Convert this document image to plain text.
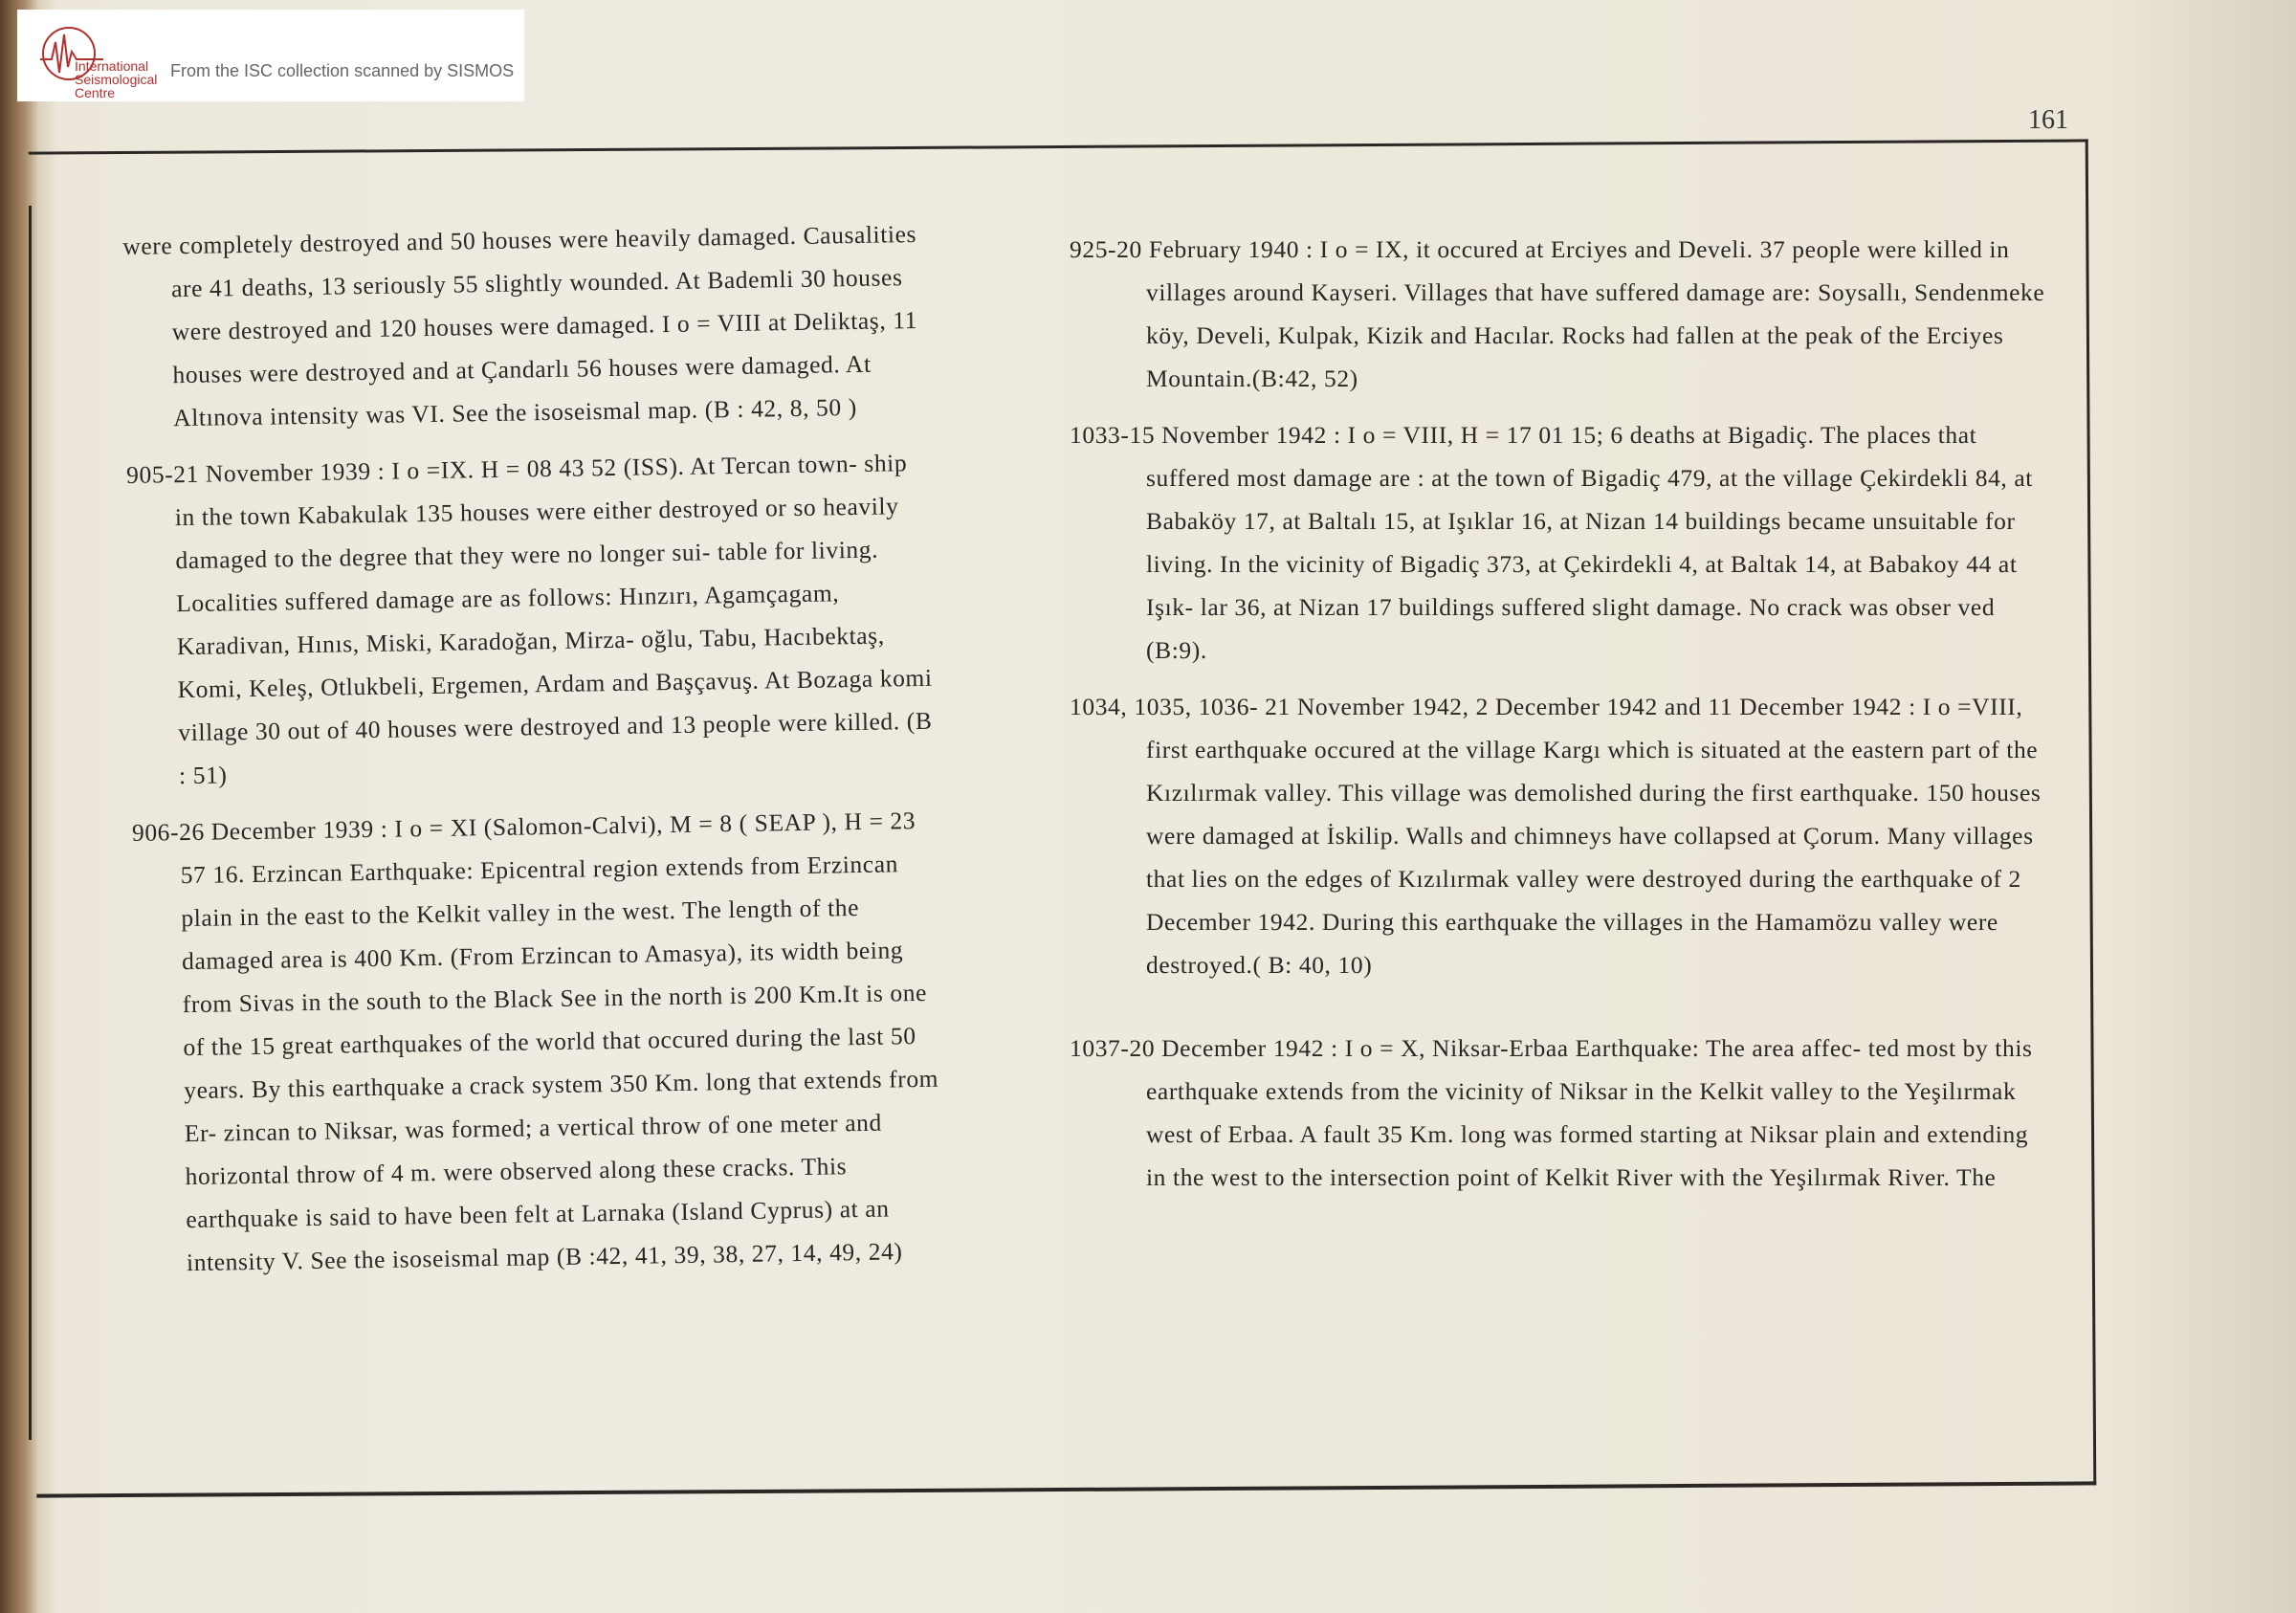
International Seismological Centre
From the ISC collection scanned by SISMOS
161

were completely destroyed and 50 houses were heavily damaged. Causalities are 41 deaths, 13 seriously 55 slightly wounded. At Bademli 30 houses were destroyed and 120 houses were damaged. I o = VIII at Deliktaş, 11 houses were destroyed and at Çandarlı 56 houses were damaged. At Altınova intensity was VI. See the isoseismal map. (B : 42, 8, 50 )

905-21 November 1939 : I o =IX. H = 08 43 52 (ISS). At Tercan town- ship in the town Kabakulak 135 houses were either destroyed or so heavily damaged to the degree that they were no longer sui- table for living. Localities suffered damage are as follows: Hınzırı, Agamçagam, Karadivan, Hınıs, Miski, Karadoğan, Mirza- oğlu, Tabu, Hacıbektaş, Komi, Keleş, Otlukbeli, Ergemen, Ardam and Başçavuş. At Bozaga komi village 30 out of 40 houses were destroyed and 13 people were killed. (B : 51)

906-26 December 1939 : I o = XI (Salomon-Calvi), M = 8 ( SEAP ), H = 23 57 16. Erzincan Earthquake: Epicentral region extends from Erzincan plain in the east to the Kelkit valley in the west. The length of the damaged area is 400 Km. (From Erzincan to Amasya), its width being from Sivas in the south to the Black See in the north is 200 Km.It is one of the 15 great earthquakes of the world that occured during the last 50 years. By this earthquake a crack system 350 Km. long that extends from Er- zincan to Niksar, was formed; a vertical throw of one meter and horizontal throw of 4 m. were observed along these cracks. This earthquake is said to have been felt at Larnaka (Island Cyprus) at an intensity V. See the isoseismal map (B :42, 41, 39, 38, 27, 14, 49, 24)

925-20 February 1940 : I o = IX, it occured at Erciyes and Develi. 37 people were killed in villages around Kayseri. Villages that have suffered damage are: Soysallı, Sendenmeke köy, Develi, Kulpak, Kizik and Hacılar. Rocks had fallen at the peak of the Erciyes Mountain.(B:42, 52)

1033-15 November 1942 : I o = VIII, H = 17 01 15; 6 deaths at Bigadiç. The places that suffered most damage are : at the town of Bigadiç 479, at the village Çekirdekli 84, at Babaköy 17, at Baltalı 15, at Işıklar 16, at Nizan 14 buildings became unsuitable for living. In the vicinity of Bigadiç 373, at Çekirdekli 4, at Baltak 14, at Babakoy 44 at Işık- lar 36, at Nizan 17 buildings suffered slight damage. No crack was obser ved (B:9).

1034, 1035, 1036- 21 November 1942, 2 December 1942 and 11 December 1942 : I o =VIII, first earthquake occured at the village Kargı which is situated at the eastern part of the Kızılırmak valley. This village was demolished during the first earthquake. 150 houses were damaged at İskilip. Walls and chimneys have collapsed at Çorum. Many villages that lies on the edges of Kızılırmak valley were destroyed during the earthquake of 2 December 1942. During this earthquake the villages in the Hamamözu valley were destroyed.( B: 40, 10)

1037-20 December 1942 : I o = X, Niksar-Erbaa Earthquake: The area affec- ted most by this earthquake extends from the vicinity of Niksar in the Kelkit valley to the Yeşilırmak west of Erbaa. A fault 35 Km. long was formed starting at Niksar plain and extending in the west to the intersection point of Kelkit River with the Yeşilırmak River. The
